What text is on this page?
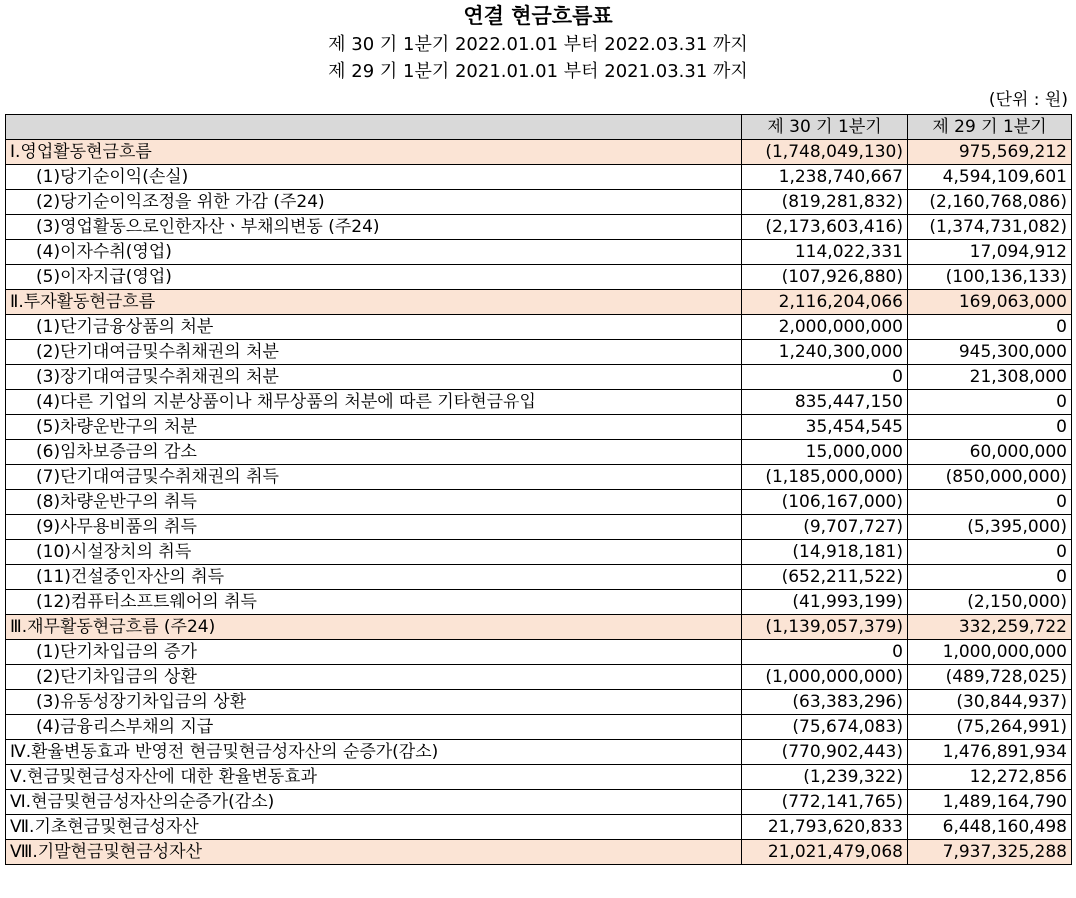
연결 현금흐름표
제 30 기 1분기 2022.01.01 부터 2022.03.31 까지
제 29 기 1분기 2021.01.01 부터 2021.03.31 까지
(단위 : 원)
	제 30 기 1분기	제 29 기 1분기
Ⅰ.영업활동현금흐름	(1,748,049,130)	975,569,212
(1)당기순이익(손실)	1,238,740,667	4,594,109,601
(2)당기순이익조정을 위한 가감 (주24)	(819,281,832)	(2,160,768,086)
(3)영업활동으로인한자산ㆍ부채의변동 (주24)	(2,173,603,416)	(1,374,731,082)
(4)이자수취(영업)	114,022,331	17,094,912
(5)이자지급(영업)	(107,926,880)	(100,136,133)
Ⅱ.투자활동현금흐름	2,116,204,066	169,063,000
(1)단기금융상품의 처분	2,000,000,000	0
(2)단기대여금및수취채권의 처분	1,240,300,000	945,300,000
(3)장기대여금및수취채권의 처분	0	21,308,000
(4)다른 기업의 지분상품이나 채무상품의 처분에 따른 기타현금유입	835,447,150	0
(5)차량운반구의 처분	35,454,545	0
(6)임차보증금의 감소	15,000,000	60,000,000
(7)단기대여금및수취채권의 취득	(1,185,000,000)	(850,000,000)
(8)차량운반구의 취득	(106,167,000)	0
(9)사무용비품의 취득	(9,707,727)	(5,395,000)
(10)시설장치의 취득	(14,918,181)	0
(11)건설중인자산의 취득	(652,211,522)	0
(12)컴퓨터소프트웨어의 취득	(41,993,199)	(2,150,000)
Ⅲ.재무활동현금흐름 (주24)	(1,139,057,379)	332,259,722
(1)단기차입금의 증가	0	1,000,000,000
(2)단기차입금의 상환	(1,000,000,000)	(489,728,025)
(3)유동성장기차입금의 상환	(63,383,296)	(30,844,937)
(4)금융리스부채의 지급	(75,674,083)	(75,264,991)
Ⅳ.환율변동효과 반영전 현금및현금성자산의 순증가(감소)	(770,902,443)	1,476,891,934
Ⅴ.현금및현금성자산에 대한 환율변동효과	(1,239,322)	12,272,856
Ⅵ.현금및현금성자산의순증가(감소)	(772,141,765)	1,489,164,790
Ⅶ.기초현금및현금성자산	21,793,620,833	6,448,160,498
Ⅷ.기말현금및현금성자산	21,021,479,068	7,937,325,288
